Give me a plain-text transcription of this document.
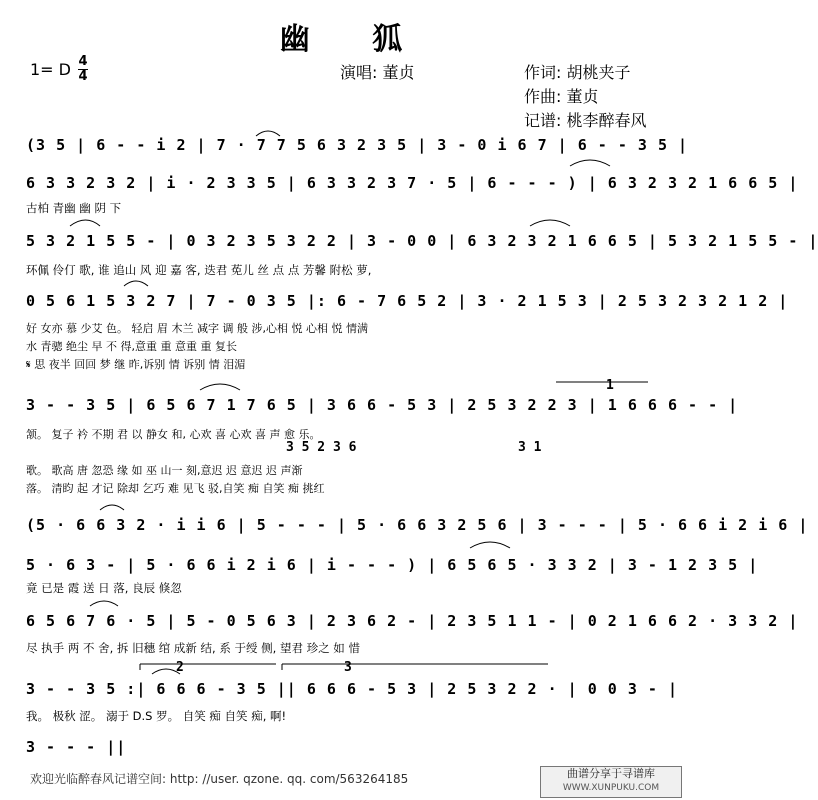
幽 狐
1= D 4
4	演唱: 董贞	作词: 胡桃夹子
作曲: 董贞
记谱: 桃李醉春风
(3 5 | 6 - - i 2 | 7 · 7 7 5 6 3 2 3 5 | 3 - 0 i 6 7 | 6 - - 3 5 |
6 3 3 2 3 2 | i · 2 3 3 5 | 6 3 3 2 3 7 · 5 | 6 - - - ) | 6 3 2 3 2 1 6 6 5 |
古柏 青幽 幽 阴 下
5 3 2 1 5 5 - | 0 3 2 3 5 3 2 2 | 3 - 0 0 | 6 3 2 3 2 1 6 6 5 | 5 3 2 1 5 5 - |
环佩 伶仃 歌, 谁 追山 风 迎 嘉 客, 迭君 莬儿 丝 点 点 芳馨 附松 萝,
0 5 6 1 5 3 2 7 | 7 - 0 3 5 |: 6 - 7 6 5 2 | 3 · 2 1 5 3 | 2 5 3 2 3 2 1 2 |
好 女亦 慕 少艾 色。 轻启 眉 木兰 减字 调 般 涉,心相 悦 心相 悦 情满
水 青骢 绝尘 早 不 得,意重 重 意重 重 复长
𝄋 思 夜半 回回 梦 继 昨,诉别 情 诉别 情 泪湄
3 - - 3 5 | 6 5 6 7 1 7 6 5 | 3 6 6 - 5 3 | 2 5 3 2 2 3 | 1 6 6 6 - - |
颔。 复子 衿 不期 君 以 静女 和, 心欢 喜 心欢 喜 声 愈 乐。
3 5 2 3 6	3 1
歌。 歌高 唐 忽恐 缘 如 巫 山一 刻,意迟 迟 意迟 迟 声渐
落。 清盷 起 才记 除却 乞巧 难 见飞 驳,自笑 痴 自笑 痴 挑红
(5 · 6 6 3 2 · i i 6 | 5 - - - | 5 · 6 6 3 2 5 6 | 3 - - - | 5 · 6 6 i 2 i 6 |
5 · 6 3 - | 5 · 6 6 i 2 i 6 | i - - - ) | 6 5 6 5 · 3 3 2 | 3 - 1 2 3 5 |
竟 已是 霞 送 日 落, 良辰 倏忽
6 5 6 7 6 · 5 | 5 - 0 5 6 3 | 2 3 6 2 - | 2 3 5 1 1 - | 0 2 1 6 6 2 · 3 3 2 |
尽 执手 两 不 舍, 拆 旧穗 绾 成新 结, 系 于绶 侧, 望君 珍之 如 惜
2	3
3 - - 3 5 :| 6 6 6 - 3 5 || 6 6 6 - 5 3 | 2 5 3 2 2 · | 0 0 3 - |
我。 极秋 涩。 溺于 D.S 罗。 自笑 痴 自笑 痴, 啊!
3 - - - ||
1
欢迎光临醉春风记谱空间: http: //user. qzone. qq. com/563264185	曲谱分享于寻谱库
WWW.XUNPUKU.COM
